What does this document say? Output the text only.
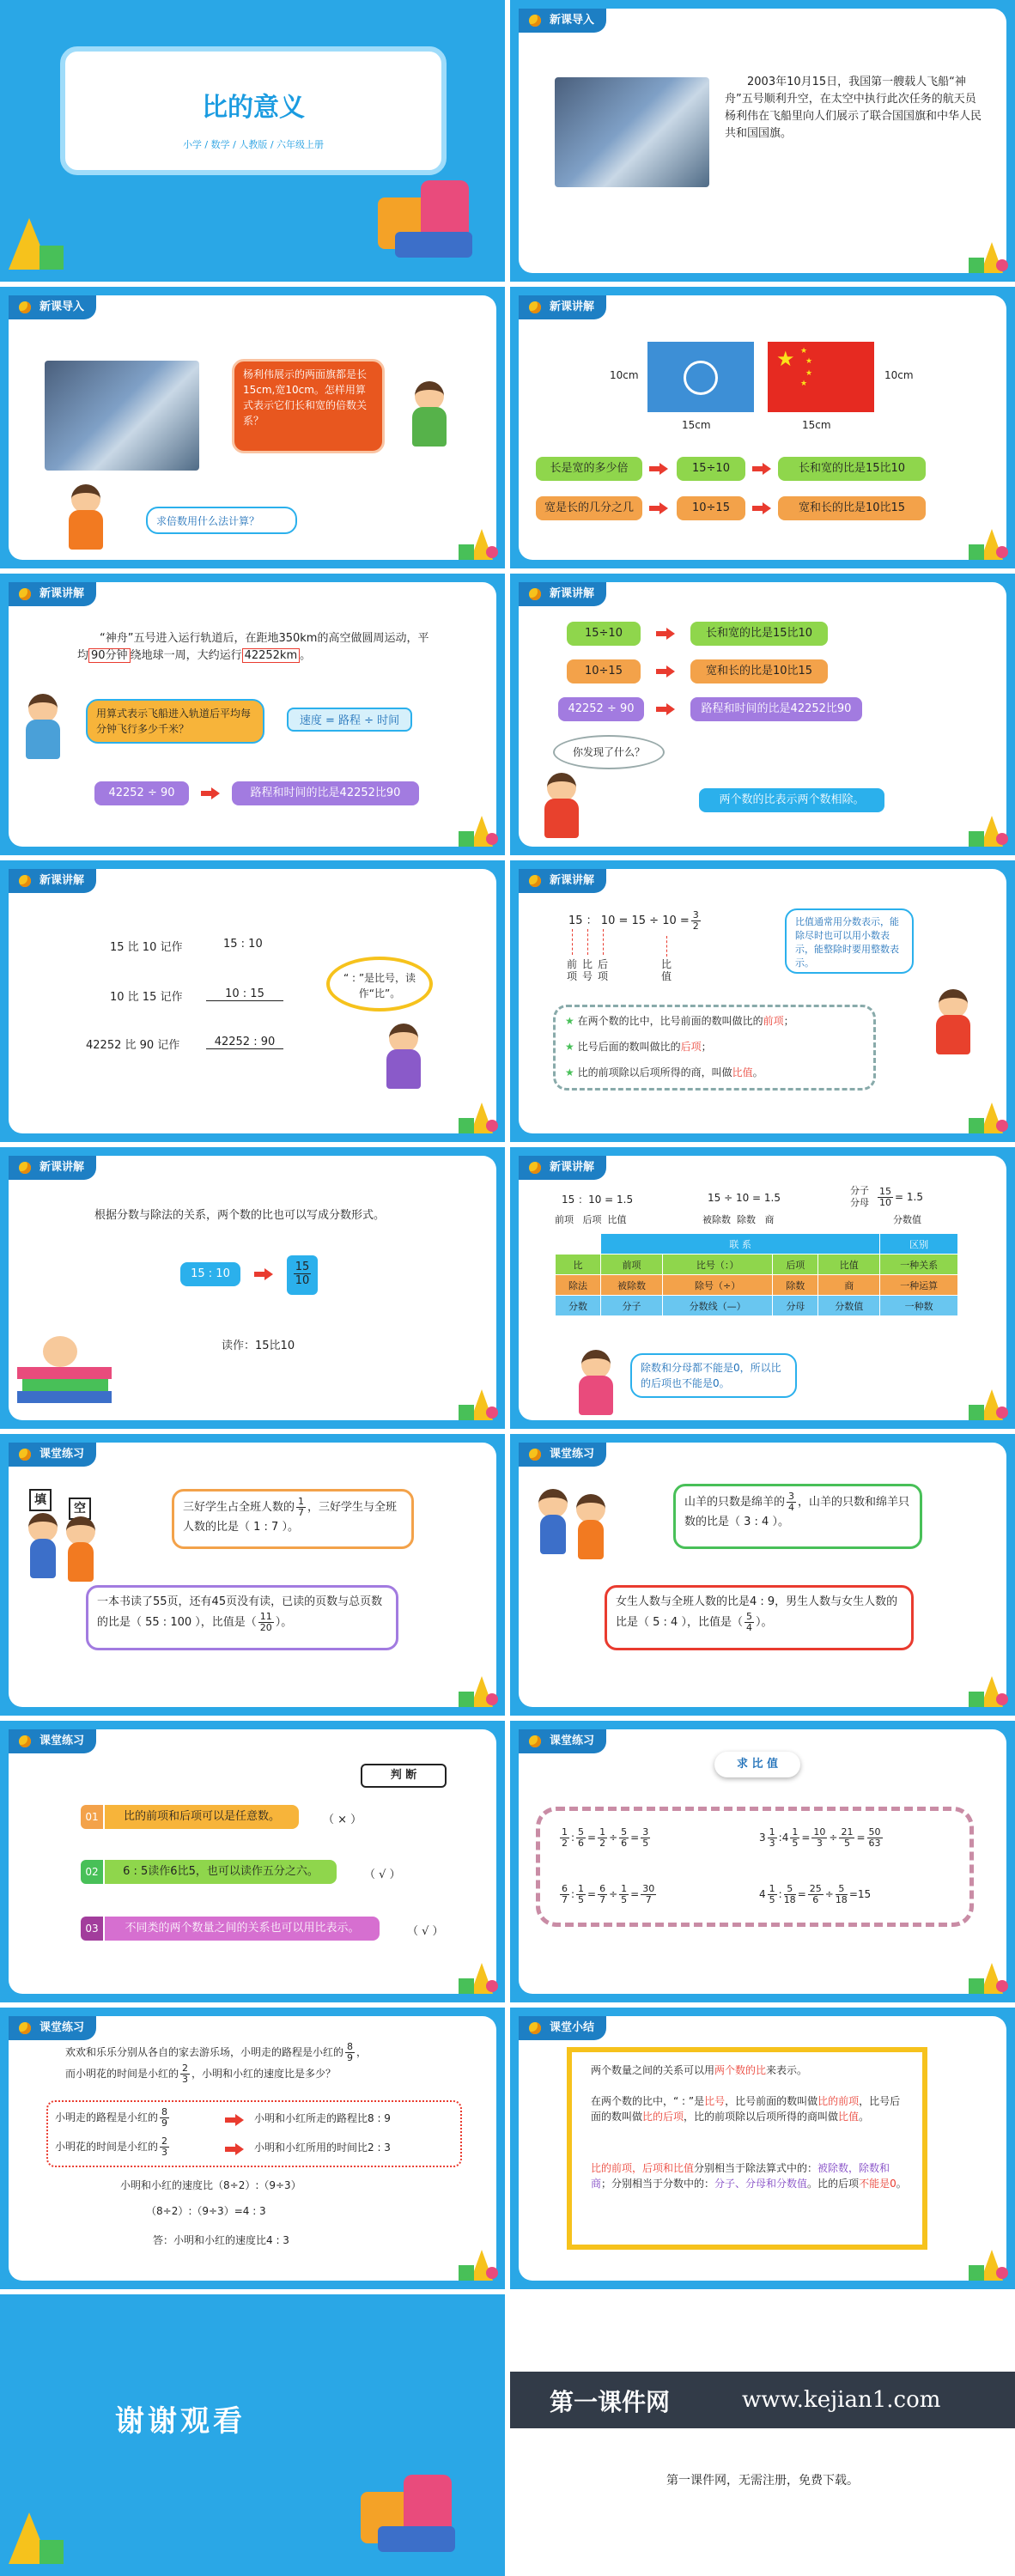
比的意义
小学 / 数学 / 人教版 / 六年级上册
新课导入
2003年10月15日，我国第一艘载人飞船“神舟”五号顺利升空，在太空中执行此次任务的航天员杨利伟在飞船里向人们展示了联合国国旗和中华人民共和国国旗。
新课导入
杨利伟展示的两面旗都是长15cm,宽10cm。怎样用算式表示它们长和宽的倍数关系？
求倍数用什么法计算？
新课讲解
★ ★
★
★
★
10cm	10cm
15cm	15cm
长是宽的多少倍	15÷10	长和宽的比是15比10
宽是长的几分之几	10÷15	宽和长的比是10比15
新课讲解
“神舟”五号进入运行轨道后，在距地350km的高空做圆周运动，平均 90分钟 绕地球一周，大约运行 42252km 。
用算式表示飞船进入轨道后平均每分钟飞行多少千米？
速度 = 路程 ÷ 时间
42252 ÷ 90	路程和时间的比是42252比90
新课讲解
15÷10	长和宽的比是15比10
10÷15	宽和长的比是10比15
42252 ÷ 90	路程和时间的比是42252比90
你发现了什么？
两个数的比表示两个数相除。
新课讲解
15 比 10 记作	15 : 10
10 比 15 记作	10 : 15
42252 比 90 记作	42252 : 90
“ : ”是比号，读作“比”。
新课讲解
15 ： $10 = 15 \div 10 = \frac{3}{2}$
前项
比号
后项
比值
比值通常用分数表示，能除尽时也可以用小数表示，能整除时要用整数表示。
★ 在两个数的比中，比号前面的数叫做比的前项；
★ 比号后面的数叫做比的后项；
★ 比的前项除以后项所得的商，叫做比值。
新课讲解
根据分数与除法的关系，两个数的比也可以写成分数形式。
15 : 10	$\frac{15}{10}$
读作：15比10
新课讲解
15 ：10 = 1.5	15 ÷ 10 = 1.5
分子
分母 $\frac{15}{10} = 1.5$
前项 后项 比值	被除数 除数 商	分数值
	联 系				区别
比	前项	比号（：）	后项	比值	一种关系
除法	被除数	除号（÷）	除数	商	一种运算
分数	分子	分数线（—）	分母	分数值	一种数
除数和分母都不能是0，所以比的后项也不能是0。
课堂练习
填
空	三好学生占全班人数的 $\frac{1}{7}$ ，三好学生与全班人数的比是（ 1 : 7 ）。
一本书读了55页，还有45页没有读，已读的页数与总页数的比是（ 55 : 100 ），比值是（ $\frac{11}{20}$ ）。
课堂练习
山羊的只数是绵羊的 $\frac{3}{4}$ ，山羊的只数和绵羊只数的比是（ 3 : 4 ）。
女生人数与全班人数的比是4 : 9，男生人数与女生人数的比是（ 5 : 4 ），比值是（ $\frac{5}{4}$ ）。
课堂练习
判 断
01	比的前项和后项可以是任意数。	（ × ）
02	6 : 5读作6比5，也可以读作五分之六。	（ √ ）
03	不同类的两个数量之间的关系也可以用比表示。	（ √ ）
课堂练习
求 比 值
$\frac{1}{2}$ : $\frac{5}{6} = \frac{1}{2} \div \frac{5}{6} = \frac{3}{5}$	$3 \frac{1}{3}$ :4 $\frac{1}{5} = \frac{10}{3} \div \frac{21}{5} = \frac{50}{63}$
$\frac{6}{7}$ : $\frac{1}{5} = \frac{6}{7} \div \frac{1}{5} = \frac{30}{7}$	$4 \frac{1}{5}$ : $\frac{5}{18} = \frac{25}{6} \div \frac{5}{18} =15$
课堂练习
欢欢和乐乐分别从各自的家去游乐场，小明走的路程是小红的 $\frac{8}{9}$ ，
而小明花的时间是小红的 $\frac{2}{3}$ ，小明和小红的速度比是多少？
小明走的路程是小红的 $\frac{8}{9}$	小明和小红所走的路程比8 : 9
小明花的时间是小红的 $\frac{2}{3}$	小明和小红所用的时间比2 : 3
小明和小红的速度比（8÷2）:（9÷3）
（8÷2）:（9÷3）=4 : 3
答：小明和小红的速度比4 : 3
课堂小结
两个数量之间的关系可以用两个数的比来表示。
在两个数的比中，“ : ”是比号，比号前面的数叫做比的前项，比号后面的数叫做比的后项，比的前项除以后项所得的商叫做比值。
比的前项，后项和比值分别相当于除法算式中的：被除数，除数和商；分别相当于分数中的：分子、分母和分数值。比的后项不能是0。
谢谢观看
第一课件网	www.kejian1.com
第一课件网，无需注册，免费下载。
